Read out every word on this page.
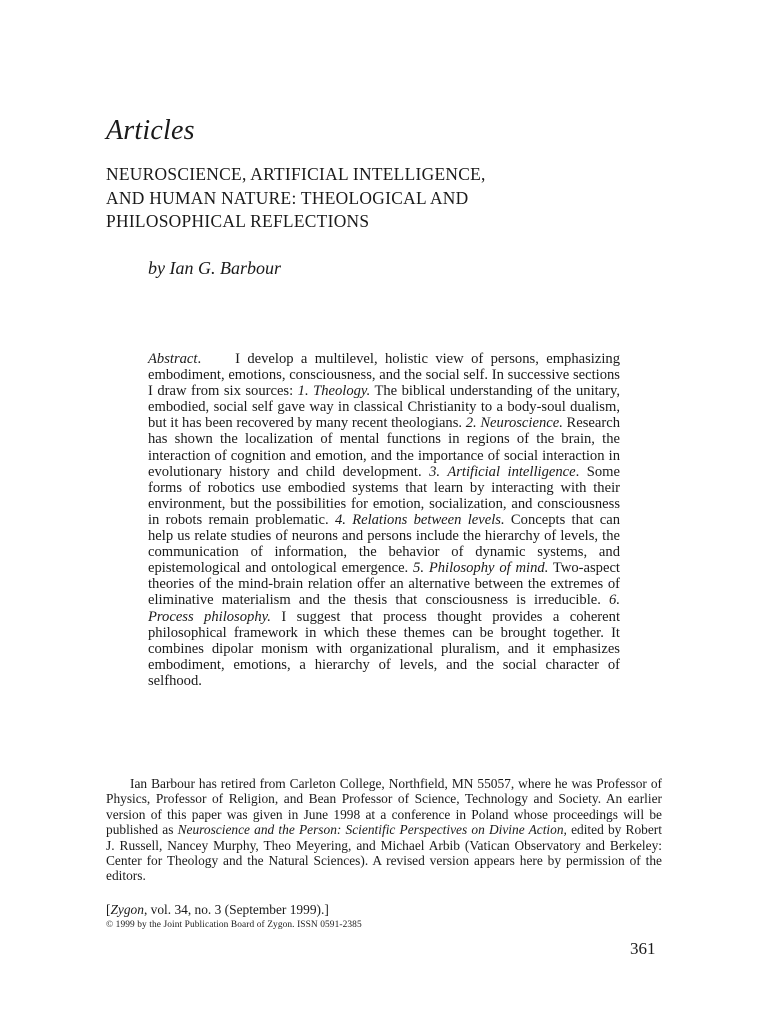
Articles
NEUROSCIENCE, ARTIFICIAL INTELLIGENCE,
AND HUMAN NATURE: THEOLOGICAL AND
PHILOSOPHICAL REFLECTIONS
by Ian G. Barbour
Abstract. I develop a multilevel, holistic view of persons, emphasizing embodiment, emotions, consciousness, and the social self. In successive sections I draw from six sources: 1. Theology. The biblical understanding of the unitary, embodied, social self gave way in classical Christianity to a body-soul dualism, but it has been recovered by many recent theologians. 2. Neuroscience. Research has shown the localization of mental functions in regions of the brain, the interaction of cognition and emotion, and the importance of social interaction in evolutionary history and child development. 3. Artificial intelligence. Some forms of robotics use embodied systems that learn by interacting with their environment, but the possibilities for emotion, socialization, and consciousness in robots remain problematic. 4. Relations between levels. Concepts that can help us relate studies of neurons and persons include the hierarchy of levels, the communication of information, the behavior of dynamic systems, and epistemological and ontological emergence. 5. Philosophy of mind. Two-aspect theories of the mind-brain relation offer an alternative between the extremes of eliminative materialism and the thesis that consciousness is irreducible. 6. Process philosophy. I suggest that process thought provides a coherent philosophical framework in which these themes can be brought together. It combines dipolar monism with organizational pluralism, and it emphasizes embodiment, emotions, a hierarchy of levels, and the social character of selfhood.
Ian Barbour has retired from Carleton College, Northfield, MN 55057, where he was Professor of Physics, Professor of Religion, and Bean Professor of Science, Technology and Society. An earlier version of this paper was given in June 1998 at a conference in Poland whose proceedings will be published as Neuroscience and the Person: Scientific Perspectives on Divine Action, edited by Robert J. Russell, Nancey Murphy, Theo Meyering, and Michael Arbib (Vatican Observatory and Berkeley: Center for Theology and the Natural Sciences). A revised version appears here by permission of the editors.
[Zygon, vol. 34, no. 3 (September 1999).]
© 1999 by the Joint Publication Board of Zygon. ISSN 0591-2385
361
